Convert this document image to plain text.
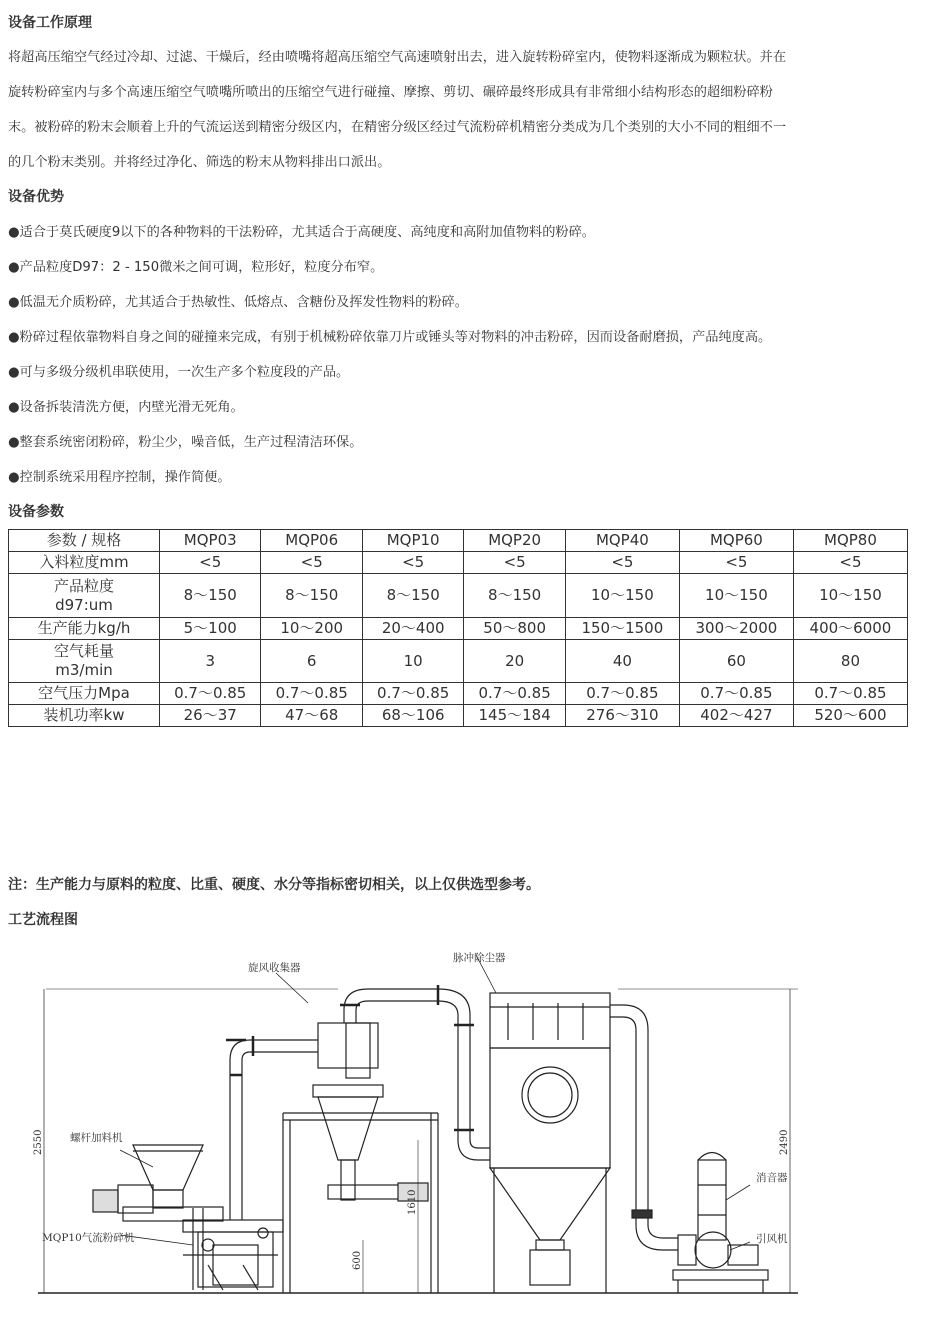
设备工作原理

将超高压缩空气经过冷却、过滤、干燥后，经由喷嘴将超高压缩空气高速喷射出去，进入旋转粉碎室内，使物料逐渐成为颗粒状。并在

旋转粉碎室内与多个高速压缩空气喷嘴所喷出的压缩空气进行碰撞、摩擦、剪切、碾碎最终形成具有非常细小结构形态的超细粉碎粉

末。被粉碎的粉末会顺着上升的气流运送到精密分级区内，在精密分级区经过气流粉碎机精密分类成为几个类别的大小不同的粗细不一

的几个粉末类别。并将经过净化、筛选的粉末从物料排出口派出。

设备优势

●适合于莫氏硬度9以下的各种物料的干法粉碎，尤其适合于高硬度、高纯度和高附加值物料的粉碎。

●产品粒度D97：2 - 150微米之间可调，粒形好，粒度分布窄。

●低温无介质粉碎，尤其适合于热敏性、低熔点、含糖份及挥发性物料的粉碎。

●粉碎过程依靠物料自身之间的碰撞来完成，有别于机械粉碎依靠刀片或锤头等对物料的冲击粉碎，因而设备耐磨损，产品纯度高。

●可与多级分级机串联使用，一次生产多个粒度段的产品。

●设备拆装清洗方便，内壁光滑无死角。

●整套系统密闭粉碎，粉尘少，噪音低，生产过程清洁环保。

●控制系统采用程序控制，操作简便。

设备参数
参数 / 规格	MQP03	MQP06	MQP10	MQP20	MQP40	MQP60	MQP80
入料粒度mm	<5	<5	<5	<5	<5	<5	<5
产品粒度
d97:um	8～150	8～150	8～150	8～150	10～150	10～150	10～150
生产能力kg/h	5～100	10～200	20～400	50～800	150～1500	300～2000	400～6000
空气耗量
m3/min	3	6	10	20	40	60	80
空气压力Mpa	0.7～0.85	0.7～0.85	0.7～0.85	0.7～0.85	0.7～0.85	0.7～0.85	0.7～0.85
装机功率kw	26～37	47～68	68～106	145～184	276～310	402～427	520～600

注：生产能力与原料的粒度、比重、硬度、水分等指标密切相关，以上仅供选型参考。

工艺流程图
旋风收集器
脉冲除尘器
螺杆加料机
MQP10气流粉碎机
消音器
引风机
2550	2490
1610
600
